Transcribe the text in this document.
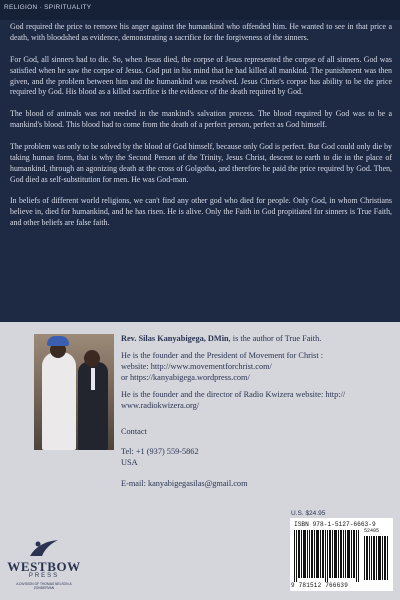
RELIGION · SPIRITUALITY

God required the price to remove his anger against the humankind who offended him. He wanted to see in that price a death, with bloodshed as evidence, demonstrating a sacrifice for the forgiveness of the sinners.

For God, all sinners had to die. So, when Jesus died, the corpse of Jesus represented the corpse of all sinners. God was satisfied when he saw the corpse of Jesus. God put in his mind that he had killed all mankind. The punishment was then given, and the problem between him and the humankind was resolved. Jesus Christ's corpse has ability to be the price required by God. His blood as a killed sacrifice is the evidence of the death required by God.

The blood of animals was not needed in the mankind's salvation process. The blood required by God was to be a mankind's blood. This blood had to come from the death of a perfect person, perfect as God himself.

The problem was only to be solved by the blood of God himself, because only God is perfect. But God could only die by taking human form, that is why the Second Person of the Trinity, Jesus Christ, descent to earth to die in the place of humankind, through an agonizing death at the cross of Golgotha, and therefore he paid the price required by God. Then, God died as self-substitution for men. He was God-man.

In beliefs of different world religions, we can't find any other god who died for people. Only God, in whom Christians believe in, died for humankind, and he has risen. He is alive. Only the Faith in God propitiated for sinners is True Faith, and other beliefs are false faith.

Rev. Silas Kanyabigega, DMin, is the author of True Faith.

He is the founder and the President of Movement for Christ :

website: http://www.movementforchrist.com/

or https://kanyabigega.wordpress.com/

He is the founder and the director of Radio Kwizera website: http://

www.radiokwizera.org/

Contact
Tel: +1 (937) 559-5862
USA
E-mail: kanyabigegasilas@gmail.com
U.S. $24.95
ISBN 978-1-5127-6663-9
9 781512 766639
52495
WESTBOW
PRESS
A DIVISION OF THOMAS NELSON & ZONDERVAN
